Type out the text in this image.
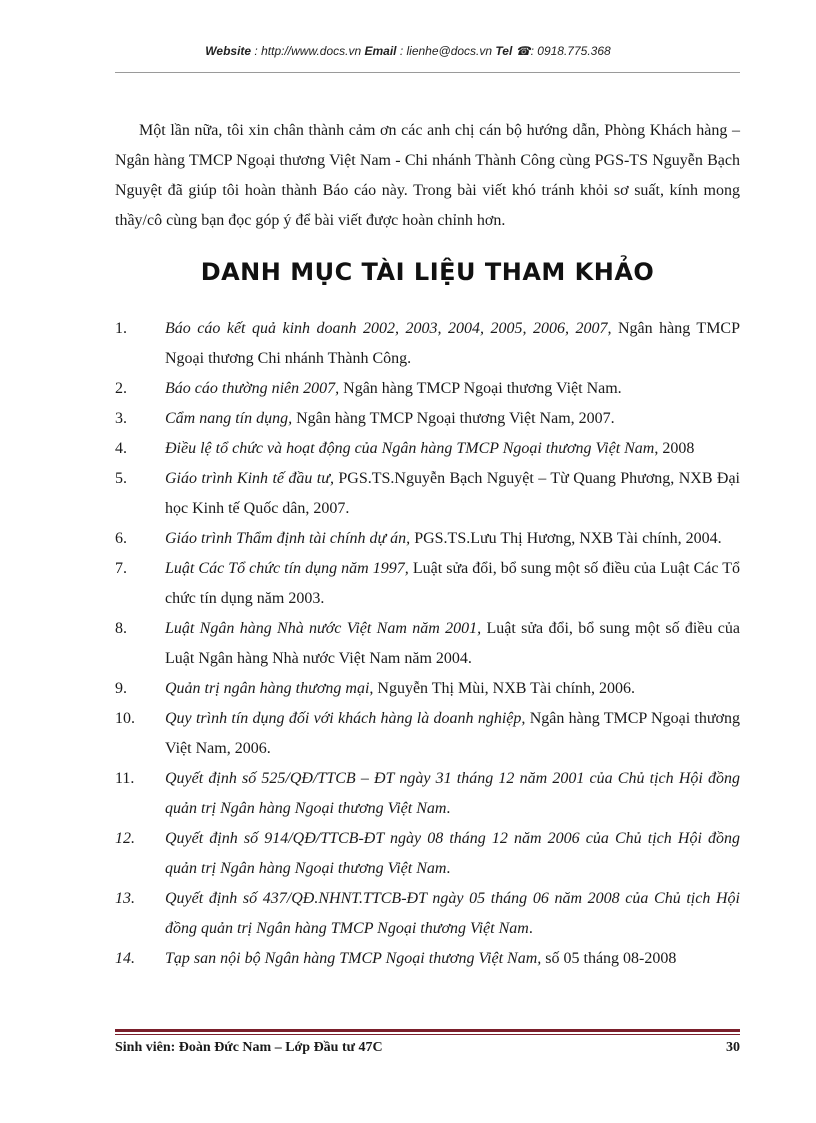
Website : http://www.docs.vn Email : lienhe@docs.vn Tel ☎: 0918.775.368

Một lần nữa, tôi xin chân thành cảm ơn các anh chị cán bộ hướng dẫn, Phòng Khách hàng – Ngân hàng TMCP Ngoại thương Việt Nam - Chi nhánh Thành Công cùng PGS-TS Nguyễn Bạch Nguyệt đã giúp tôi hoàn thành Báo cáo này. Trong bài viết khó tránh khỏi sơ suất, kính mong thầy/cô cùng bạn đọc góp ý để bài viết được hoàn chỉnh hơn.

DANH MỤC TÀI LIỆU THAM KHẢO
1.	Báo cáo kết quả kinh doanh 2002, 2003, 2004, 2005, 2006, 2007, Ngân hàng TMCP Ngoại thương Chi nhánh Thành Công.
2.	Báo cáo thường niên 2007, Ngân hàng TMCP Ngoại thương Việt Nam.
3.	Cẩm nang tín dụng, Ngân hàng TMCP Ngoại thương Việt Nam, 2007.
4.	Điều lệ tổ chức và hoạt động của Ngân hàng TMCP Ngoại thương Việt Nam, 2008
5.	Giáo trình Kinh tế đầu tư, PGS.TS.Nguyễn Bạch Nguyệt – Từ Quang Phương, NXB Đại học Kinh tế Quốc dân, 2007.
6.	Giáo trình Thẩm định tài chính dự án, PGS.TS.Lưu Thị Hương, NXB Tài chính, 2004.
7.	Luật Các Tổ chức tín dụng năm 1997, Luật sửa đổi, bổ sung một số điều của Luật Các Tổ chức tín dụng năm 2003.
8.	Luật Ngân hàng Nhà nước Việt Nam năm 2001, Luật sửa đổi, bổ sung một số điều của Luật Ngân hàng Nhà nước Việt Nam năm 2004.
9.	Quản trị ngân hàng thương mại, Nguyễn Thị Mùi, NXB Tài chính, 2006.
10.	Quy trình tín dụng đối với khách hàng là doanh nghiệp, Ngân hàng TMCP Ngoại thương Việt Nam, 2006.
11.	Quyết định số 525/QĐ/TTCB – ĐT ngày 31 tháng 12 năm 2001 của Chủ tịch Hội đồng quản trị Ngân hàng Ngoại thương Việt Nam.
12.	Quyết định số 914/QĐ/TTCB-ĐT ngày 08 tháng 12 năm 2006 của Chủ tịch Hội đồng quản trị Ngân hàng Ngoại thương Việt Nam.
13.	Quyết định số 437/QĐ.NHNT.TTCB-ĐT ngày 05 tháng 06 năm 2008 của Chủ tịch Hội đồng quản trị Ngân hàng TMCP Ngoại thương Việt Nam.
14.	Tạp san nội bộ Ngân hàng TMCP Ngoại thương Việt Nam, số 05 tháng 08-2008
Sinh viên: Đoàn Đức Nam – Lớp Đầu tư 47C	30
